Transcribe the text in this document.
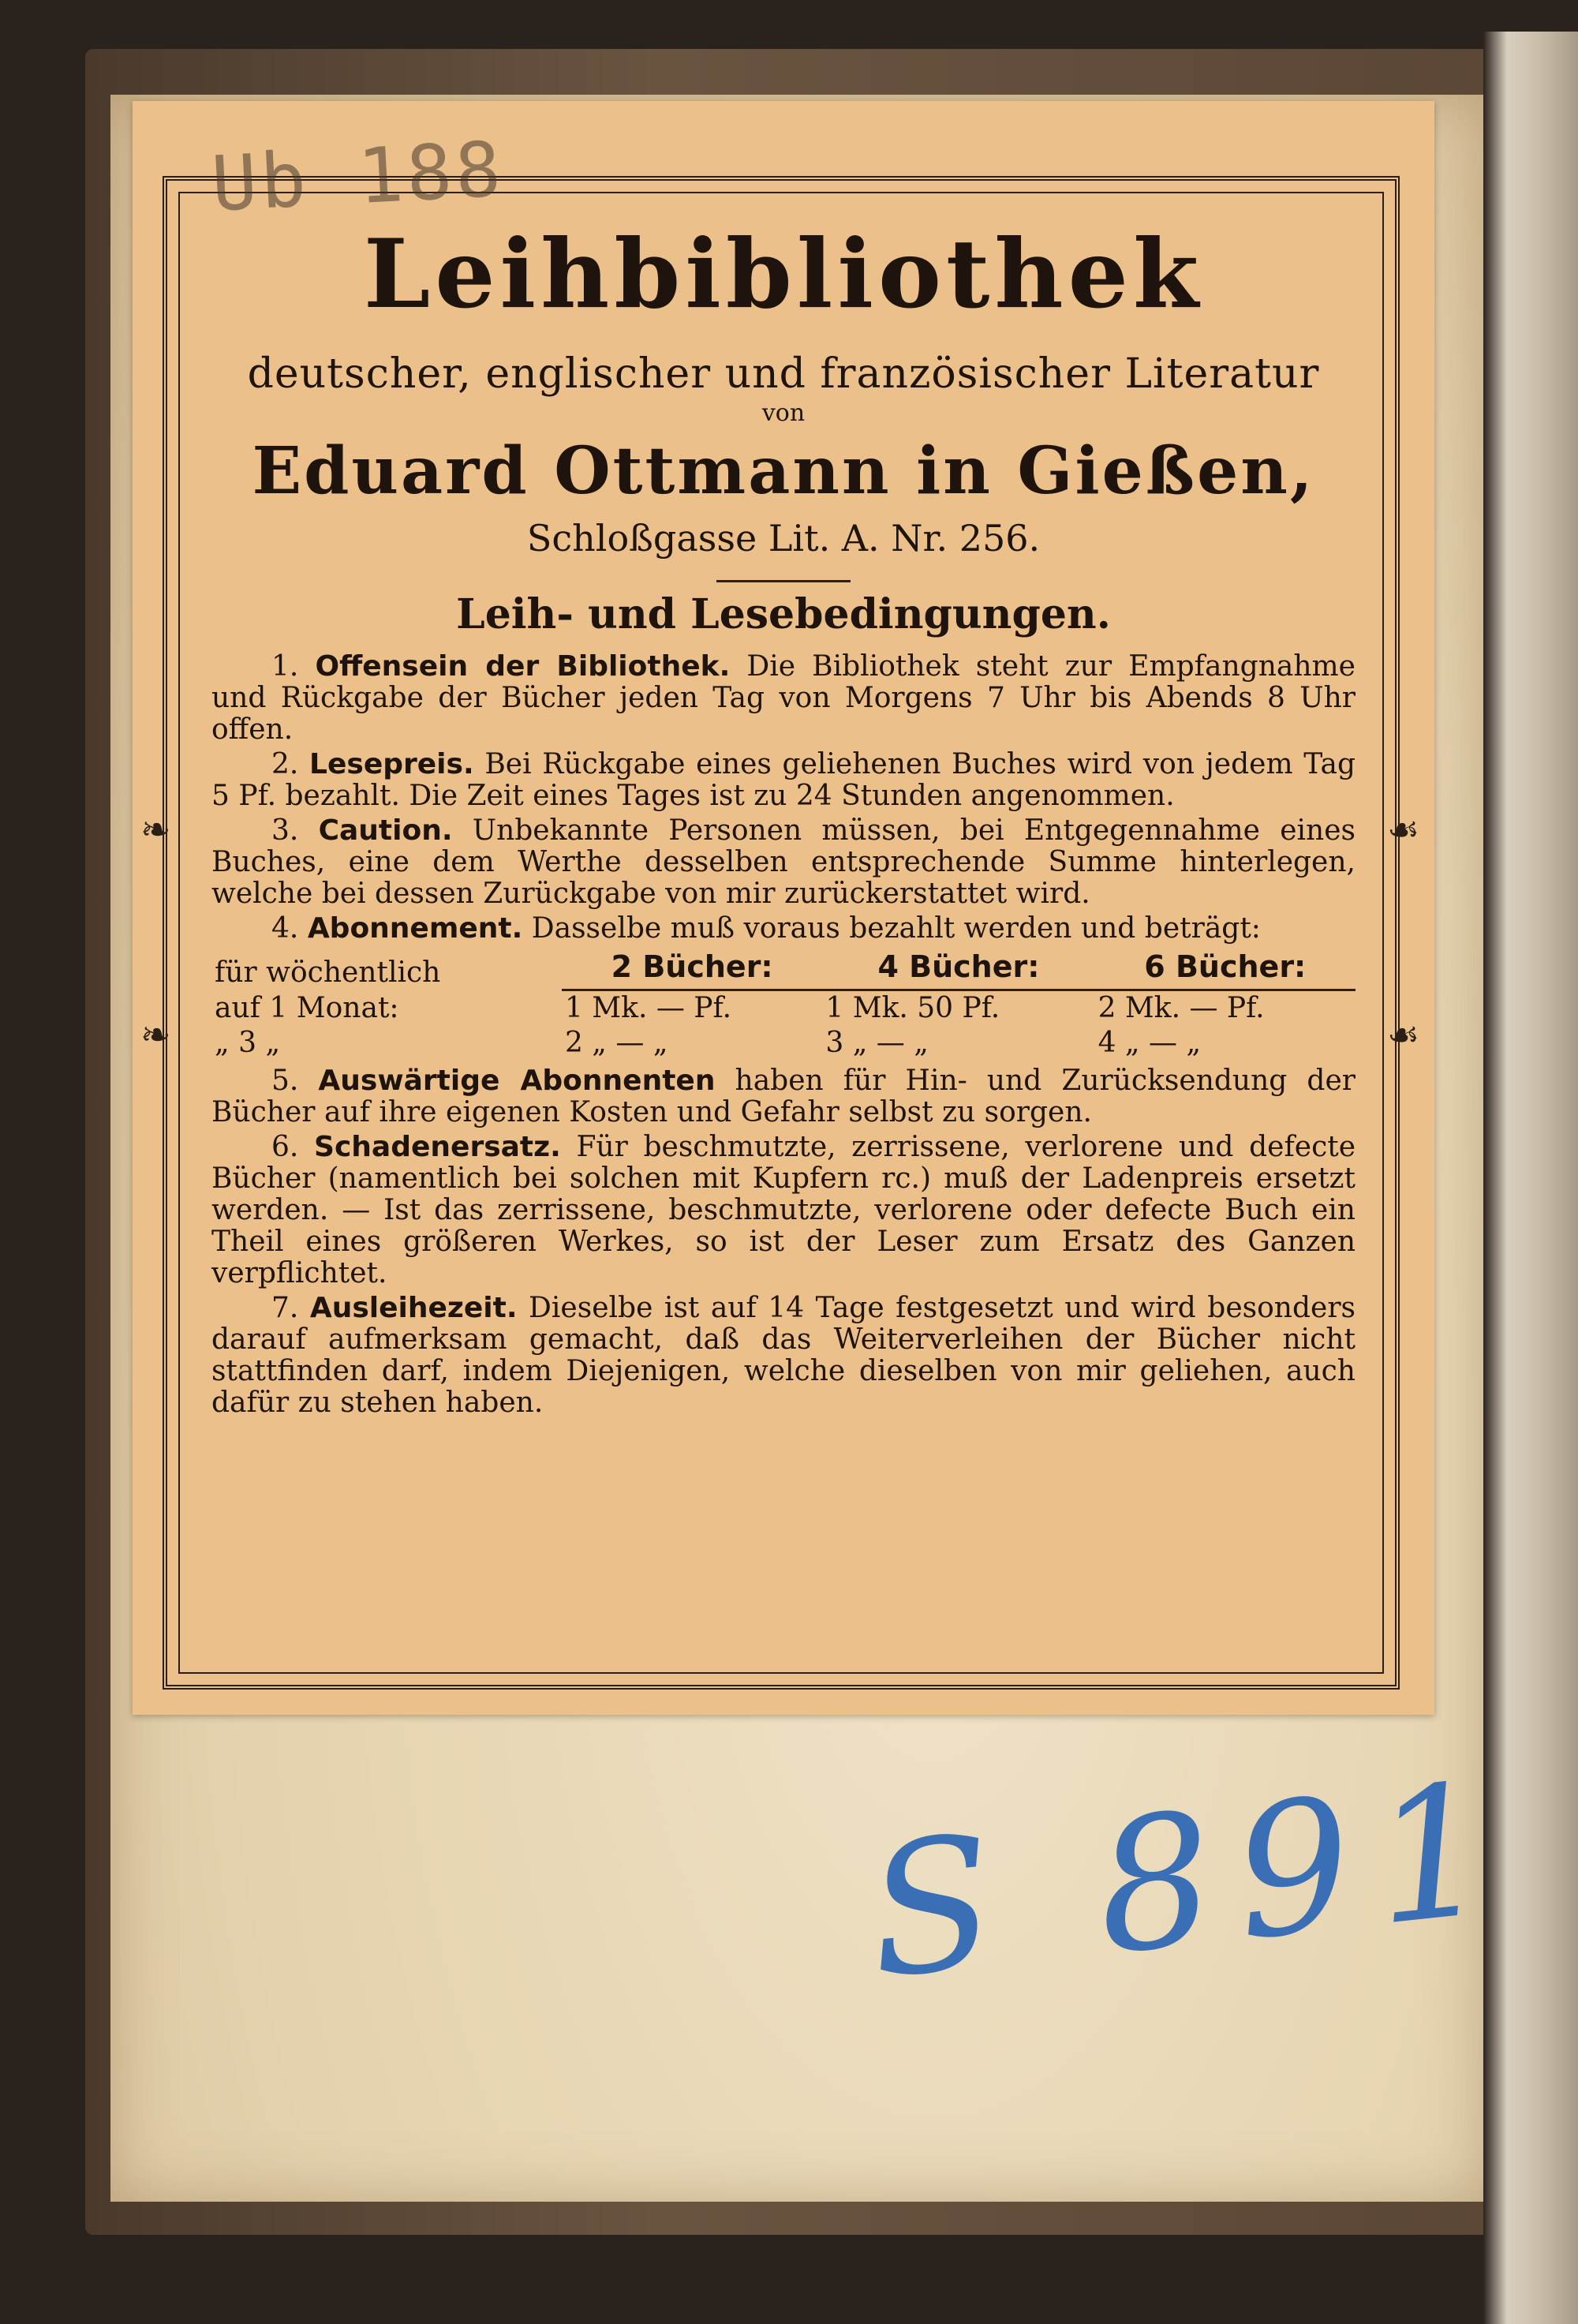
❧
❧
☙
☙
Leihbibliothek
deutscher, englischer und französischer Literatur
von
Eduard Ottmann in Gießen,
Schloßgasse Lit. A. Nr. 256.
Leih- und Lesebedingungen.

1. Offensein der Bibliothek. Die Bibliothek steht zur Empfangnahme und Rückgabe der Bücher jeden Tag von Morgens 7 Uhr bis Abends 8 Uhr offen.

2. Lesepreis. Bei Rückgabe eines geliehenen Buches wird von jedem Tag 5 Pf. bezahlt. Die Zeit eines Tages ist zu 24 Stunden angenommen.

3. Caution. Unbekannte Personen müssen, bei Entgegennahme eines Buches, eine dem Werthe desselben entsprechende Summe hinterlegen, welche bei dessen Zurückgabe von mir zurückerstattet wird.

4. Abonnement. Dasselbe muß voraus bezahlt werden und beträgt:

für wöchentlich	2 Bücher:	4 Bücher:	6 Bücher:
auf 1 Monat:	1 Mk. — Pf.	1 Mk. 50 Pf.	2 Mk. — Pf.
„ 3 „	2 „ — „	3 „ — „	4 „ — „

5. Auswärtige Abonnenten haben für Hin- und Zurücksendung der Bücher auf ihre eigenen Kosten und Gefahr selbst zu sorgen.

6. Schadenersatz. Für beschmutzte, zerrissene, verlorene und defecte Bücher (namentlich bei solchen mit Kupfern rc.) muß der Ladenpreis ersetzt werden. — Ist das zerrissene, beschmutzte, verlorene oder defecte Buch ein Theil eines größeren Werkes, so ist der Leser zum Ersatz des Ganzen verpflichtet.

7. Ausleihezeit. Dieselbe ist auf 14 Tage festgesetzt und wird besonders darauf aufmerksam gemacht, daß das Weiterverleihen der Bücher nicht stattfinden darf, indem Diejenigen, welche dieselben von mir geliehen, auch dafür zu stehen haben.

Ub 188
S 891
